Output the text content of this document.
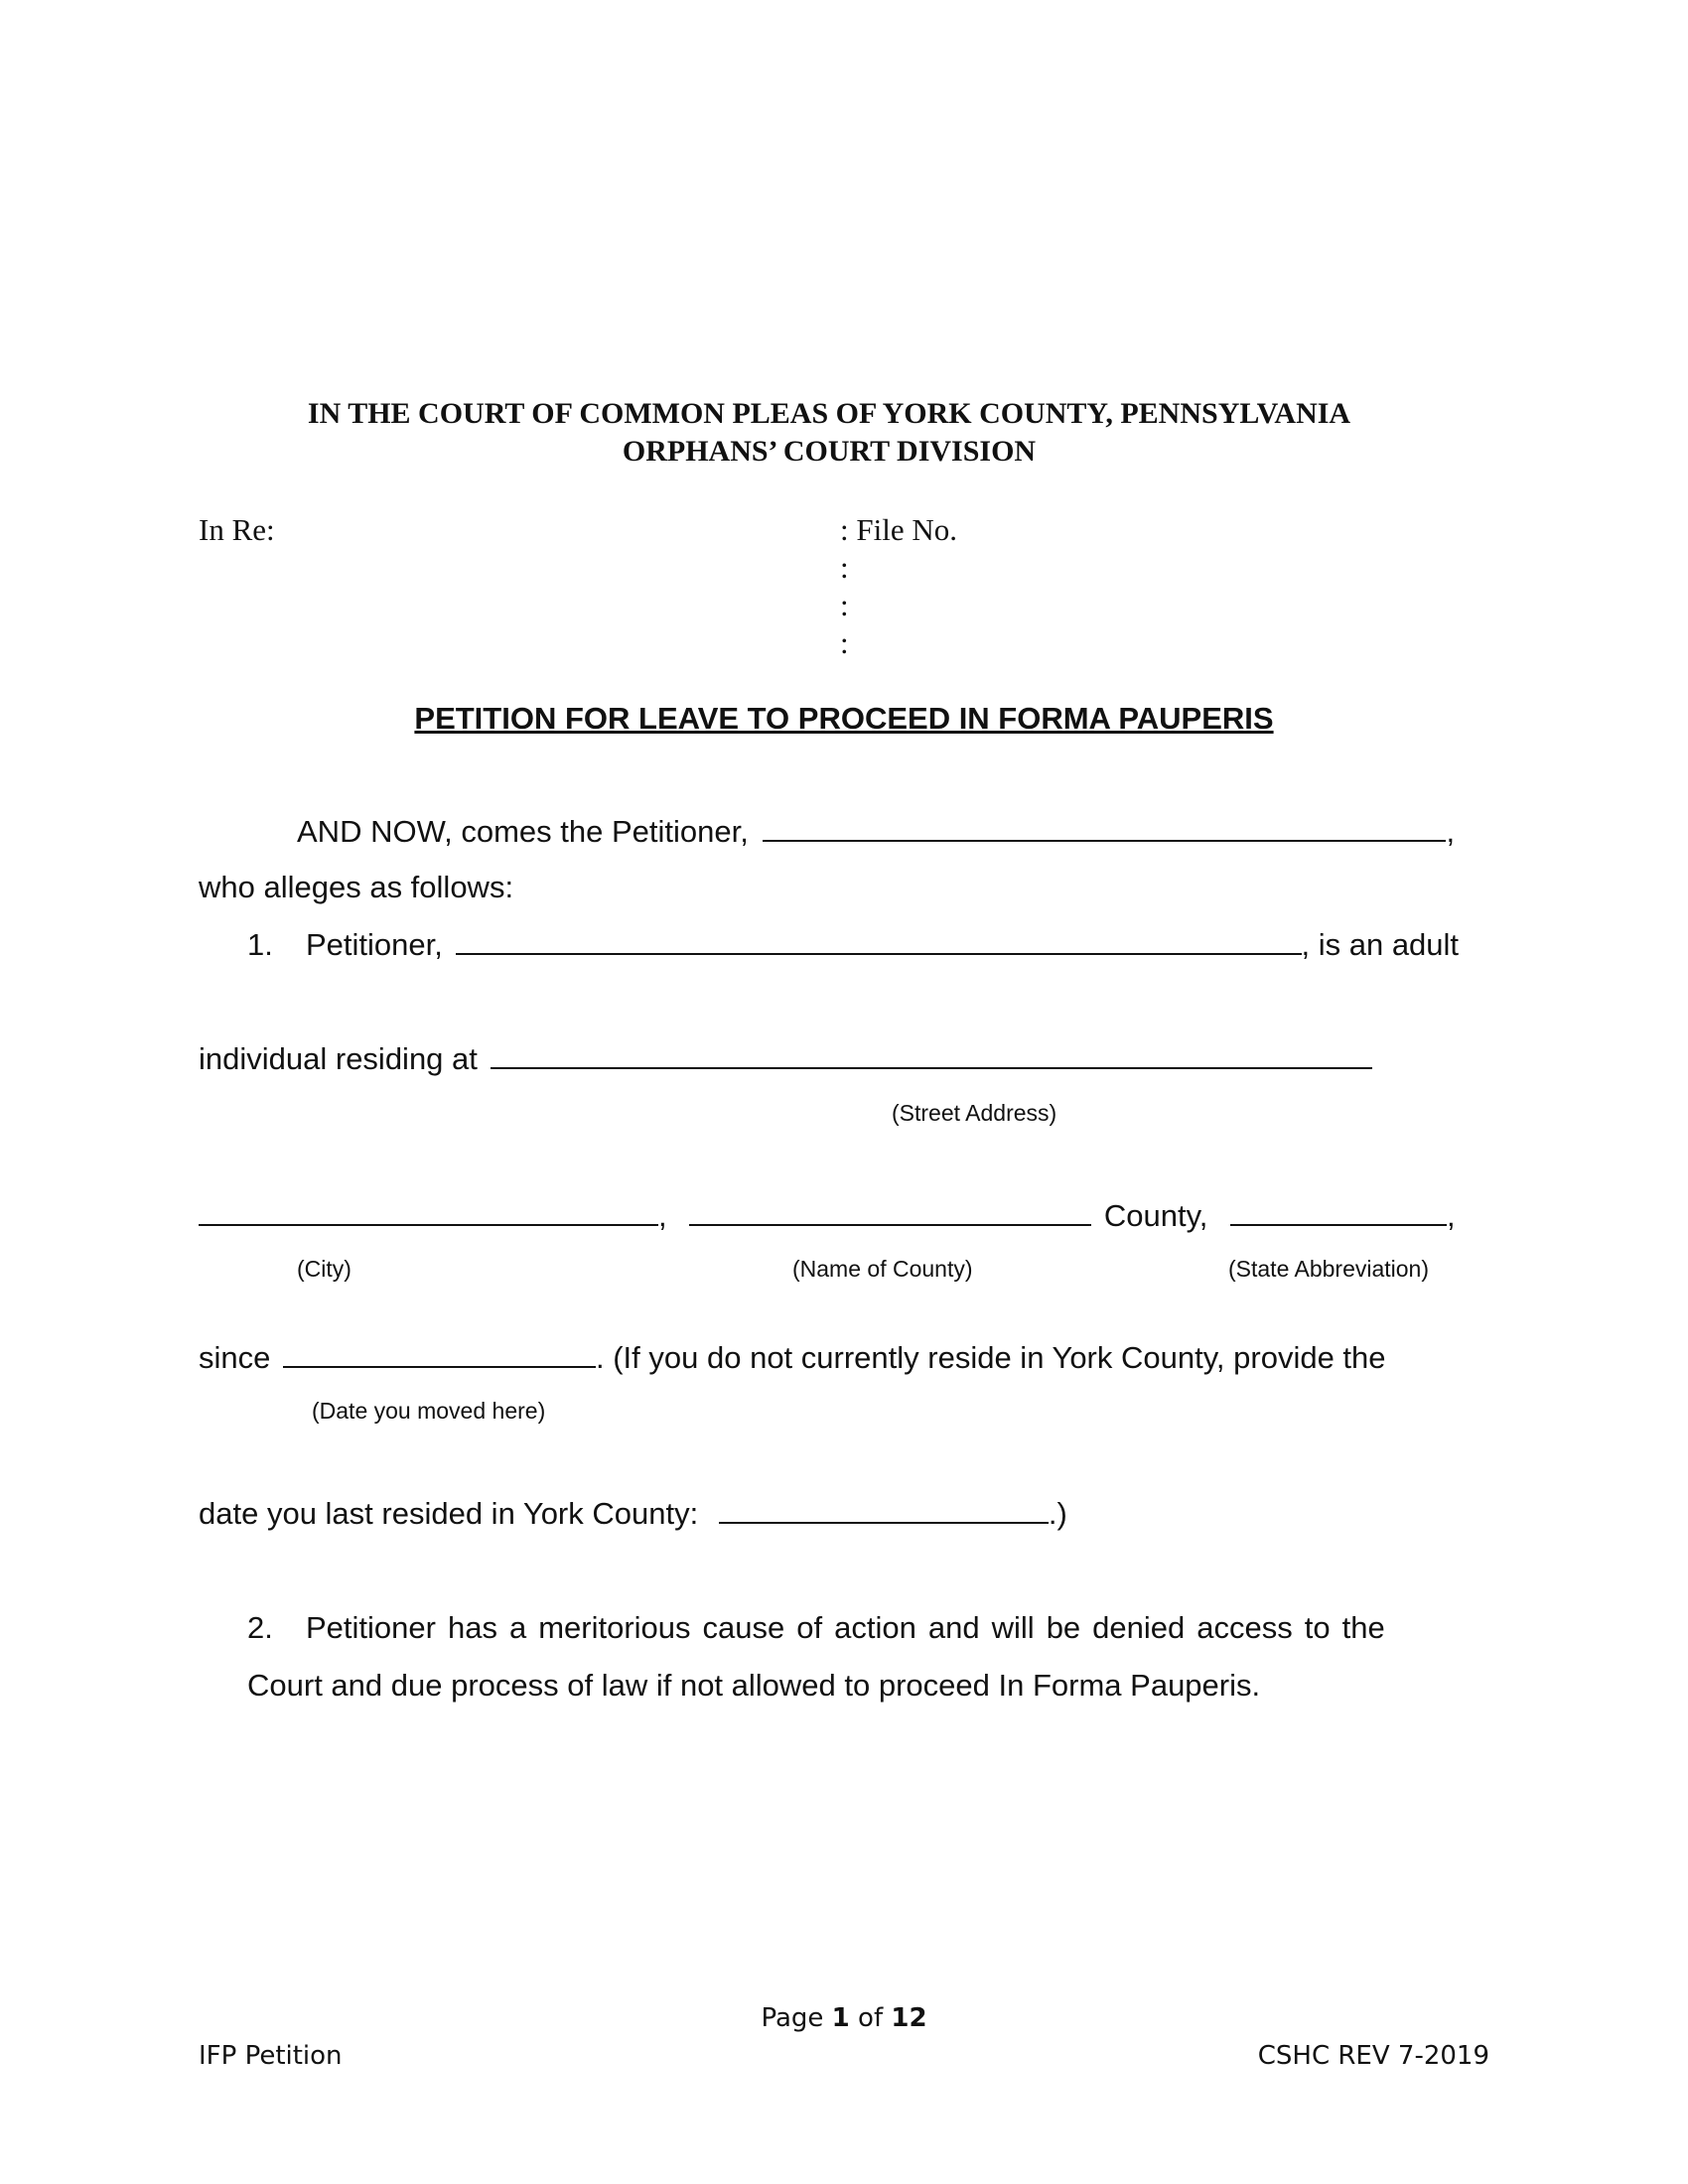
IN THE COURT OF COMMON PLEAS OF YORK COUNTY, PENNSYLVANIA
ORPHANS’ COURT DIVISION
In Re:	: File No.
:
:
:
PETITION FOR LEAVE TO PROCEED IN FORMA PAUPERIS
AND NOW, comes the Petitioner,	,
who alleges as follows:
1. Petitioner,	, is an adult
individual residing at
(Street Address)
,	County,	,
(City)	(Name of County)	(State Abbreviation)
since	. (If you do not currently reside in York County, provide the
(Date you moved here)
date you last resided in York County:	.)
2. Petitioner has a meritorious cause of action and will be denied access to the
Court and due process of law if not allowed to proceed In Forma Pauperis.
Page 1 of 12
IFP Petition	CSHC REV 7-2019
